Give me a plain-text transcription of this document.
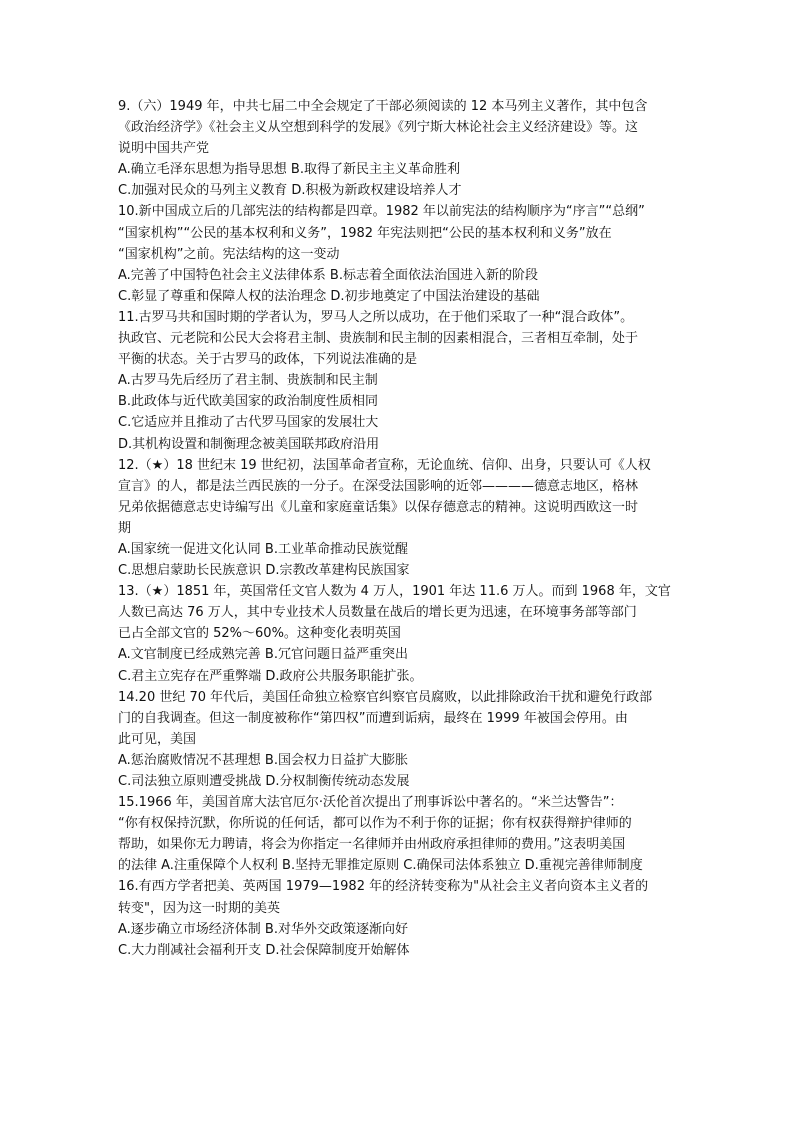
9.（六）1949 年，中共七届二中全会规定了干部必须阅读的 12 本马列主义著作，其中包含
《政治经济学》《社会主义从空想到科学的发展》《列宁斯大林论社会主义经济建设》等。这
说明中国共产党
A.确立毛泽东思想为指导思想 B.取得了新民主主义革命胜利
C.加强对民众的马列主义教育 D.积极为新政权建设培养人才
10.新中国成立后的几部宪法的结构都是四章。1982 年以前宪法的结构顺序为“序言”“总纲”
“国家机构”“公民的基本权利和义务”，1982 年宪法则把“公民的基本权利和义务”放在
“国家机构”之前。宪法结构的这一变动
A.完善了中国特色社会主义法律体系 B.标志着全面依法治国进入新的阶段
C.彰显了尊重和保障人权的法治理念 D.初步地奠定了中国法治建设的基础
11.古罗马共和国时期的学者认为，罗马人之所以成功，在于他们采取了一种“混合政体”。
执政官、元老院和公民大会将君主制、贵族制和民主制的因素相混合，三者相互牵制，处于
平衡的状态。关于古罗马的政体，下列说法准确的是
A.古罗马先后经历了君主制、贵族制和民主制
B.此政体与近代欧美国家的政治制度性质相同
C.它适应并且推动了古代罗马国家的发展壮大
D.其机构设置和制衡理念被美国联邦政府沿用
12.（★）18 世纪末 19 世纪初，法国革命者宣称，无论血统、信仰、出身，只要认可《人权
宣言》的人，都是法兰西民族的一分子。在深受法国影响的近邻————德意志地区，格林
兄弟依据德意志史诗编写出《儿童和家庭童话集》以保存德意志的精神。这说明西欧这一时
期
A.国家统一促进文化认同 B.工业革命推动民族觉醒
C.思想启蒙助长民族意识 D.宗教改革建构民族国家
13.（★）1851 年，英国常任文官人数为 4 万人，1901 年达 11.6 万人。而到 1968 年，文官
人数已高达 76 万人，其中专业技术人员数量在战后的增长更为迅速，在环境事务部等部门
已占全部文官的 52%～60%。这种变化表明英国
A.文官制度已经成熟完善 B.冗官问题日益严重突出
C.君主立宪存在严重弊端 D.政府公共服务职能扩张。
14.20 世纪 70 年代后，美国任命独立检察官纠察官员腐败，以此排除政治干扰和避免行政部
门的自我调查。但这一制度被称作“第四权”而遭到诟病，最终在 1999 年被国会停用。由
此可见，美国
A.惩治腐败情况不甚理想 B.国会权力日益扩大膨胀
C.司法独立原则遭受挑战 D.分权制衡传统动态发展
15.1966 年，美国首席大法官厄尔·沃伦首次提出了刑事诉讼中著名的。“米兰达警告”：
“你有权保持沉默，你所说的任何话，都可以作为不利于你的证据；你有权获得辩护律师的
帮助，如果你无力聘请，将会为你指定一名律师并由州政府承担律师的费用。”这表明美国
的法律 A.注重保障个人权利 B.坚持无罪推定原则 C.确保司法体系独立 D.重视完善律师制度
16.有西方学者把美、英两国 1979—1982 年的经济转变称为"从社会主义者向资本主义者的
转变"，因为这一时期的美英
A.逐步确立市场经济体制 B.对华外交政策逐渐向好
C.大力削减社会福利开支 D.社会保障制度开始解体
